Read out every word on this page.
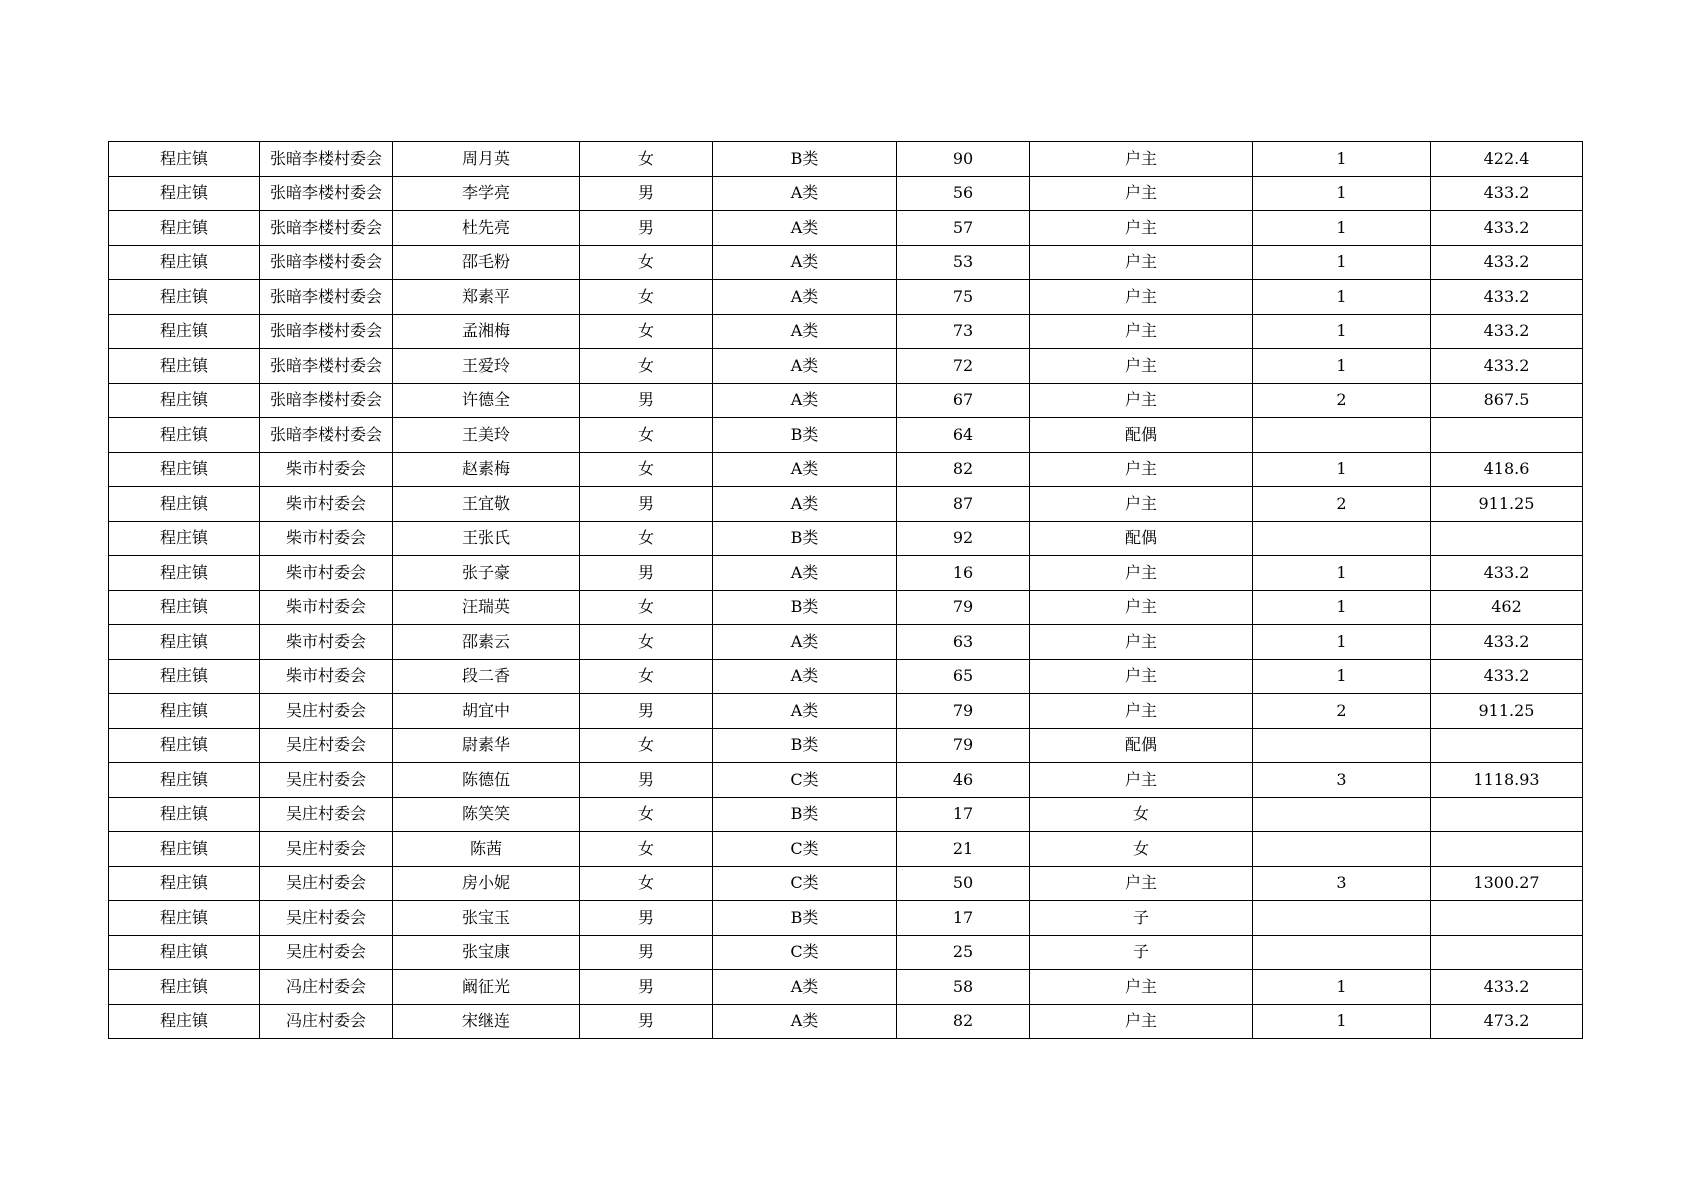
程庄镇	张暗李楼村委会	周月英	女	B类	90	户主	1	422.4
程庄镇	张暗李楼村委会	李学亮	男	A类	56	户主	1	433.2
程庄镇	张暗李楼村委会	杜先亮	男	A类	57	户主	1	433.2
程庄镇	张暗李楼村委会	邵毛粉	女	A类	53	户主	1	433.2
程庄镇	张暗李楼村委会	郑素平	女	A类	75	户主	1	433.2
程庄镇	张暗李楼村委会	孟湘梅	女	A类	73	户主	1	433.2
程庄镇	张暗李楼村委会	王爱玲	女	A类	72	户主	1	433.2
程庄镇	张暗李楼村委会	许德全	男	A类	67	户主	2	867.5
程庄镇	张暗李楼村委会	王美玲	女	B类	64	配偶		
程庄镇	柴市村委会	赵素梅	女	A类	82	户主	1	418.6
程庄镇	柴市村委会	王宜敬	男	A类	87	户主	2	911.25
程庄镇	柴市村委会	王张氏	女	B类	92	配偶		
程庄镇	柴市村委会	张子豪	男	A类	16	户主	1	433.2
程庄镇	柴市村委会	汪瑞英	女	B类	79	户主	1	462
程庄镇	柴市村委会	邵素云	女	A类	63	户主	1	433.2
程庄镇	柴市村委会	段二香	女	A类	65	户主	1	433.2
程庄镇	吴庄村委会	胡宜中	男	A类	79	户主	2	911.25
程庄镇	吴庄村委会	尉素华	女	B类	79	配偶		
程庄镇	吴庄村委会	陈德伍	男	C类	46	户主	3	1118.93
程庄镇	吴庄村委会	陈笑笑	女	B类	17	女		
程庄镇	吴庄村委会	陈茜	女	C类	21	女		
程庄镇	吴庄村委会	房小妮	女	C类	50	户主	3	1300.27
程庄镇	吴庄村委会	张宝玉	男	B类	17	子		
程庄镇	吴庄村委会	张宝康	男	C类	25	子		
程庄镇	冯庄村委会	阚征光	男	A类	58	户主	1	433.2
程庄镇	冯庄村委会	宋继连	男	A类	82	户主	1	473.2
